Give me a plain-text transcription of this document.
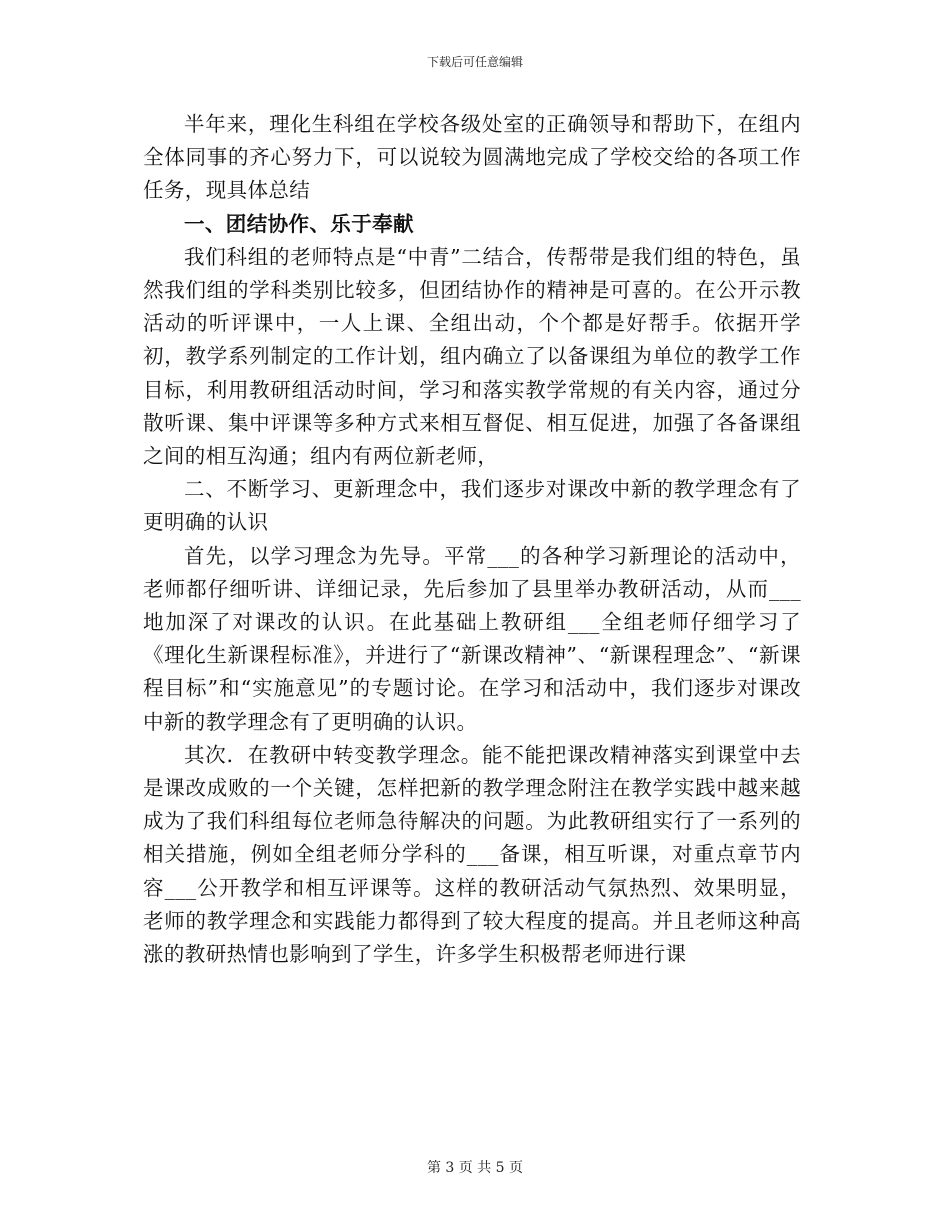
下载后可任意编辑

半年来，理化生科组在学校各级处室的正确领导和帮助下，在组内全体同事的齐心努力下，可以说较为圆满地完成了学校交给的各项工作任务，现具体总结

一、团结协作、乐于奉献

我们科组的老师特点是“中青”二结合，传帮带是我们组的特色，虽然我们组的学科类别比较多，但团结协作的精神是可喜的。在公开示教活动的听评课中，一人上课、全组出动，个个都是好帮手。依据开学初，教学系列制定的工作计划，组内确立了以备课组为单位的教学工作目标，利用教研组活动时间，学习和落实教学常规的有关内容，通过分散听课、集中评课等多种方式来相互督促、相互促进，加强了各备课组之间的相互沟通；组内有两位新老师，

二、不断学习、更新理念中，我们逐步对课改中新的教学理念有了更明确的认识

首先，以学习理念为先导。平常___的各种学习新理论的活动中，老师都仔细听讲、详细记录，先后参加了县里举办教研活动，从而___地加深了对课改的认识。在此基础上教研组___全组老师仔细学习了《理化生新课程标准》，并进行了“新课改精神”、“新课程理念”、“新课程目标”和“实施意见”的专题讨论。在学习和活动中，我们逐步对课改中新的教学理念有了更明确的认识。

其次．在教研中转变教学理念。能不能把课改精神落实到课堂中去是课改成败的一个关键，怎样把新的教学理念附注在教学实践中越来越成为了我们科组每位老师急待解决的问题。为此教研组实行了一系列的相关措施，例如全组老师分学科的___备课，相互听课，对重点章节内容___公开教学和相互评课等。这样的教研活动气氛热烈、效果明显，老师的教学理念和实践能力都得到了较大程度的提高。并且老师这种高涨的教研热情也影响到了学生，许多学生积极帮老师进行课

第 3 页 共 5 页
